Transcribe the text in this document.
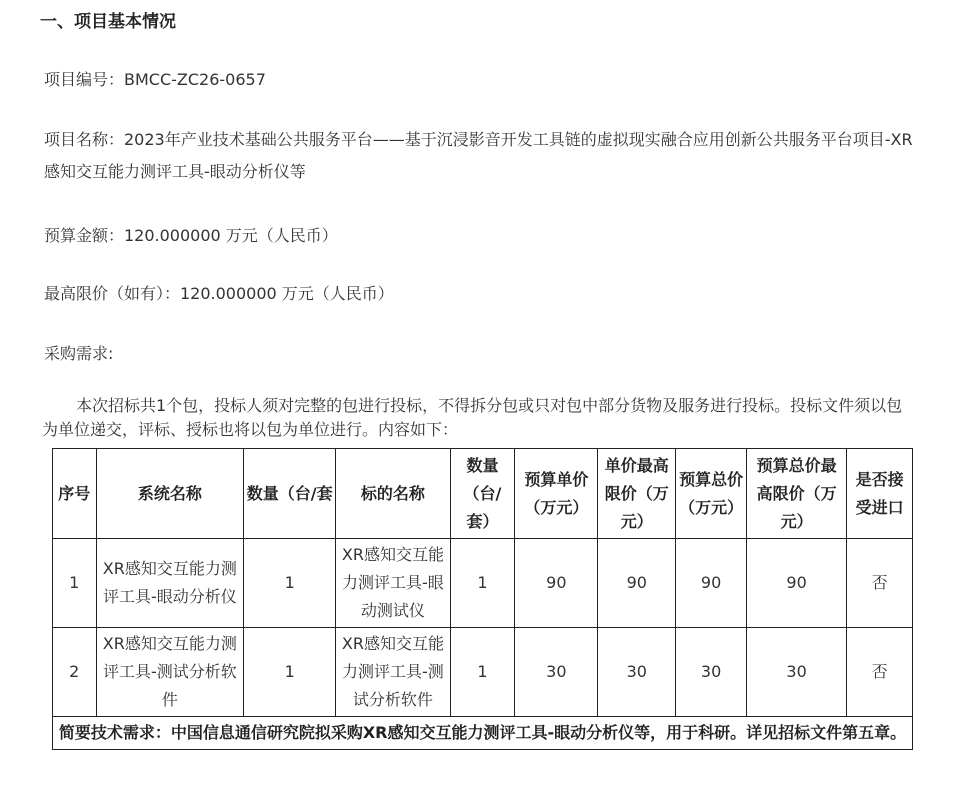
一、项目基本情况
项目编号：BMCC-ZC26-0657
项目名称：2023年产业技术基础公共服务平台——基于沉浸影音开发工具链的虚拟现实融合应用创新公共服务平台项目-XR感知交互能力测评工具-眼动分析仪等
预算金额：120.000000 万元（人民币）
最高限价（如有）：120.000000 万元（人民币）
采购需求:
本次招标共1个包，投标人须对完整的包进行投标，不得拆分包或只对包中部分货物及服务进行投标。投标文件须以包为单位递交，评标、授标也将以包为单位进行。内容如下：
序号	系统名称	数量（台/套	标的名称	数量（台/套）	预算单价（万元）	单价最高限价（万元）	预算总价（万元）	预算总价最高限价（万元）	是否接受进口
1	XR感知交互能力测评工具-眼动分析仪	1	XR感知交互能力测评工具-眼动测试仪	1	90	90	90	90	否
2	XR感知交互能力测评工具-测试分析软件	1	XR感知交互能力测评工具-测试分析软件	1	30	30	30	30	否
简要技术需求：中国信息通信研究院拟采购XR感知交互能力测评工具-眼动分析仪等，用于科研。详见招标文件第五章。									
